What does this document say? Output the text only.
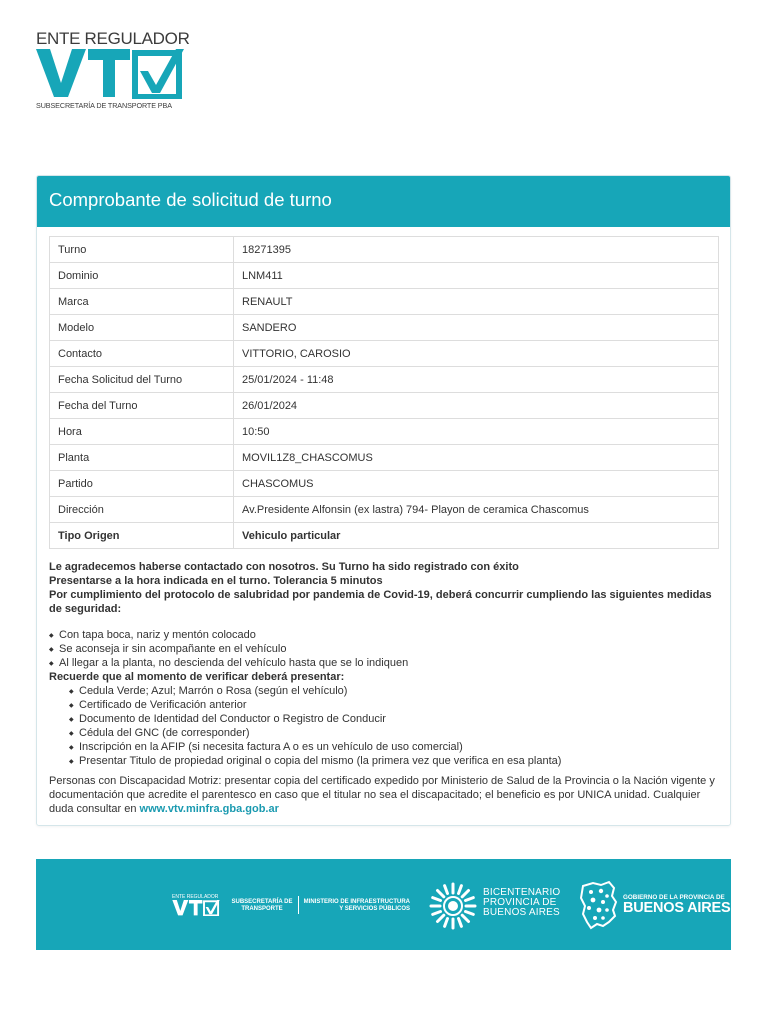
ENTE REGULADOR
SUBSECRETARÍA DE TRANSPORTE PBA
Comprobante de solicitud de turno
Turno	18271395
Dominio	LNM411
Marca	RENAULT
Modelo	SANDERO
Contacto	VITTORIO, CAROSIO
Fecha Solicitud del Turno	25/01/2024 - 11:48
Fecha del Turno	26/01/2024
Hora	10:50
Planta	MOVIL1Z8_CHASCOMUS
Partido	CHASCOMUS
Dirección	Av.Presidente Alfonsin (ex lastra) 794- Playon de ceramica Chascomus
Tipo Origen	Vehiculo particular
Le agradecemos haberse contactado con nosotros. Su Turno ha sido registrado con éxito
Presentarse a la hora indicada en el turno. Tolerancia 5 minutos
Por cumplimiento del protocolo de salubridad por pandemia de Covid-19, deberá concurrir cumpliendo las siguientes medidas de seguridad:
◆ Con tapa boca, nariz y mentón colocado
◆ Se aconseja ir sin acompañante en el vehículo
◆ Al llegar a la planta, no descienda del vehículo hasta que se lo indiquen
Recuerde que al momento de verificar deberá presentar:
◆ Cedula Verde; Azul; Marrón o Rosa (según el vehículo)
◆ Certificado de Verificación anterior
◆ Documento de Identidad del Conductor o Registro de Conducir
◆ Cédula del GNC (de corresponder)
◆ Inscripción en la AFIP (si necesita factura A o es un vehículo de uso comercial)
◆ Presentar Titulo de propiedad original o copia del mismo (la primera vez que verifica en esa planta)

Personas con Discapacidad Motriz: presentar copia del certificado expedido por Ministerio de Salud de la Provincia o la Nación vigente y documentación que acredite el parentesco en caso que el titular no sea el discapacitado; el beneficio es por UNICA unidad. Cualquier duda consultar en www.vtv.minfra.gba.gob.ar

ENTE REGULADOR
SUBSECRETARÍA DE
TRANSPORTE
MINISTERIO DE INFRAESTRUCTURA
Y SERVICIOS PÚBLICOS
BICENTENARIO
PROVINCIA DE
BUENOS AIRES
GOBIERNO DE LA PROVINCIA DE
BUENOS AIRES
